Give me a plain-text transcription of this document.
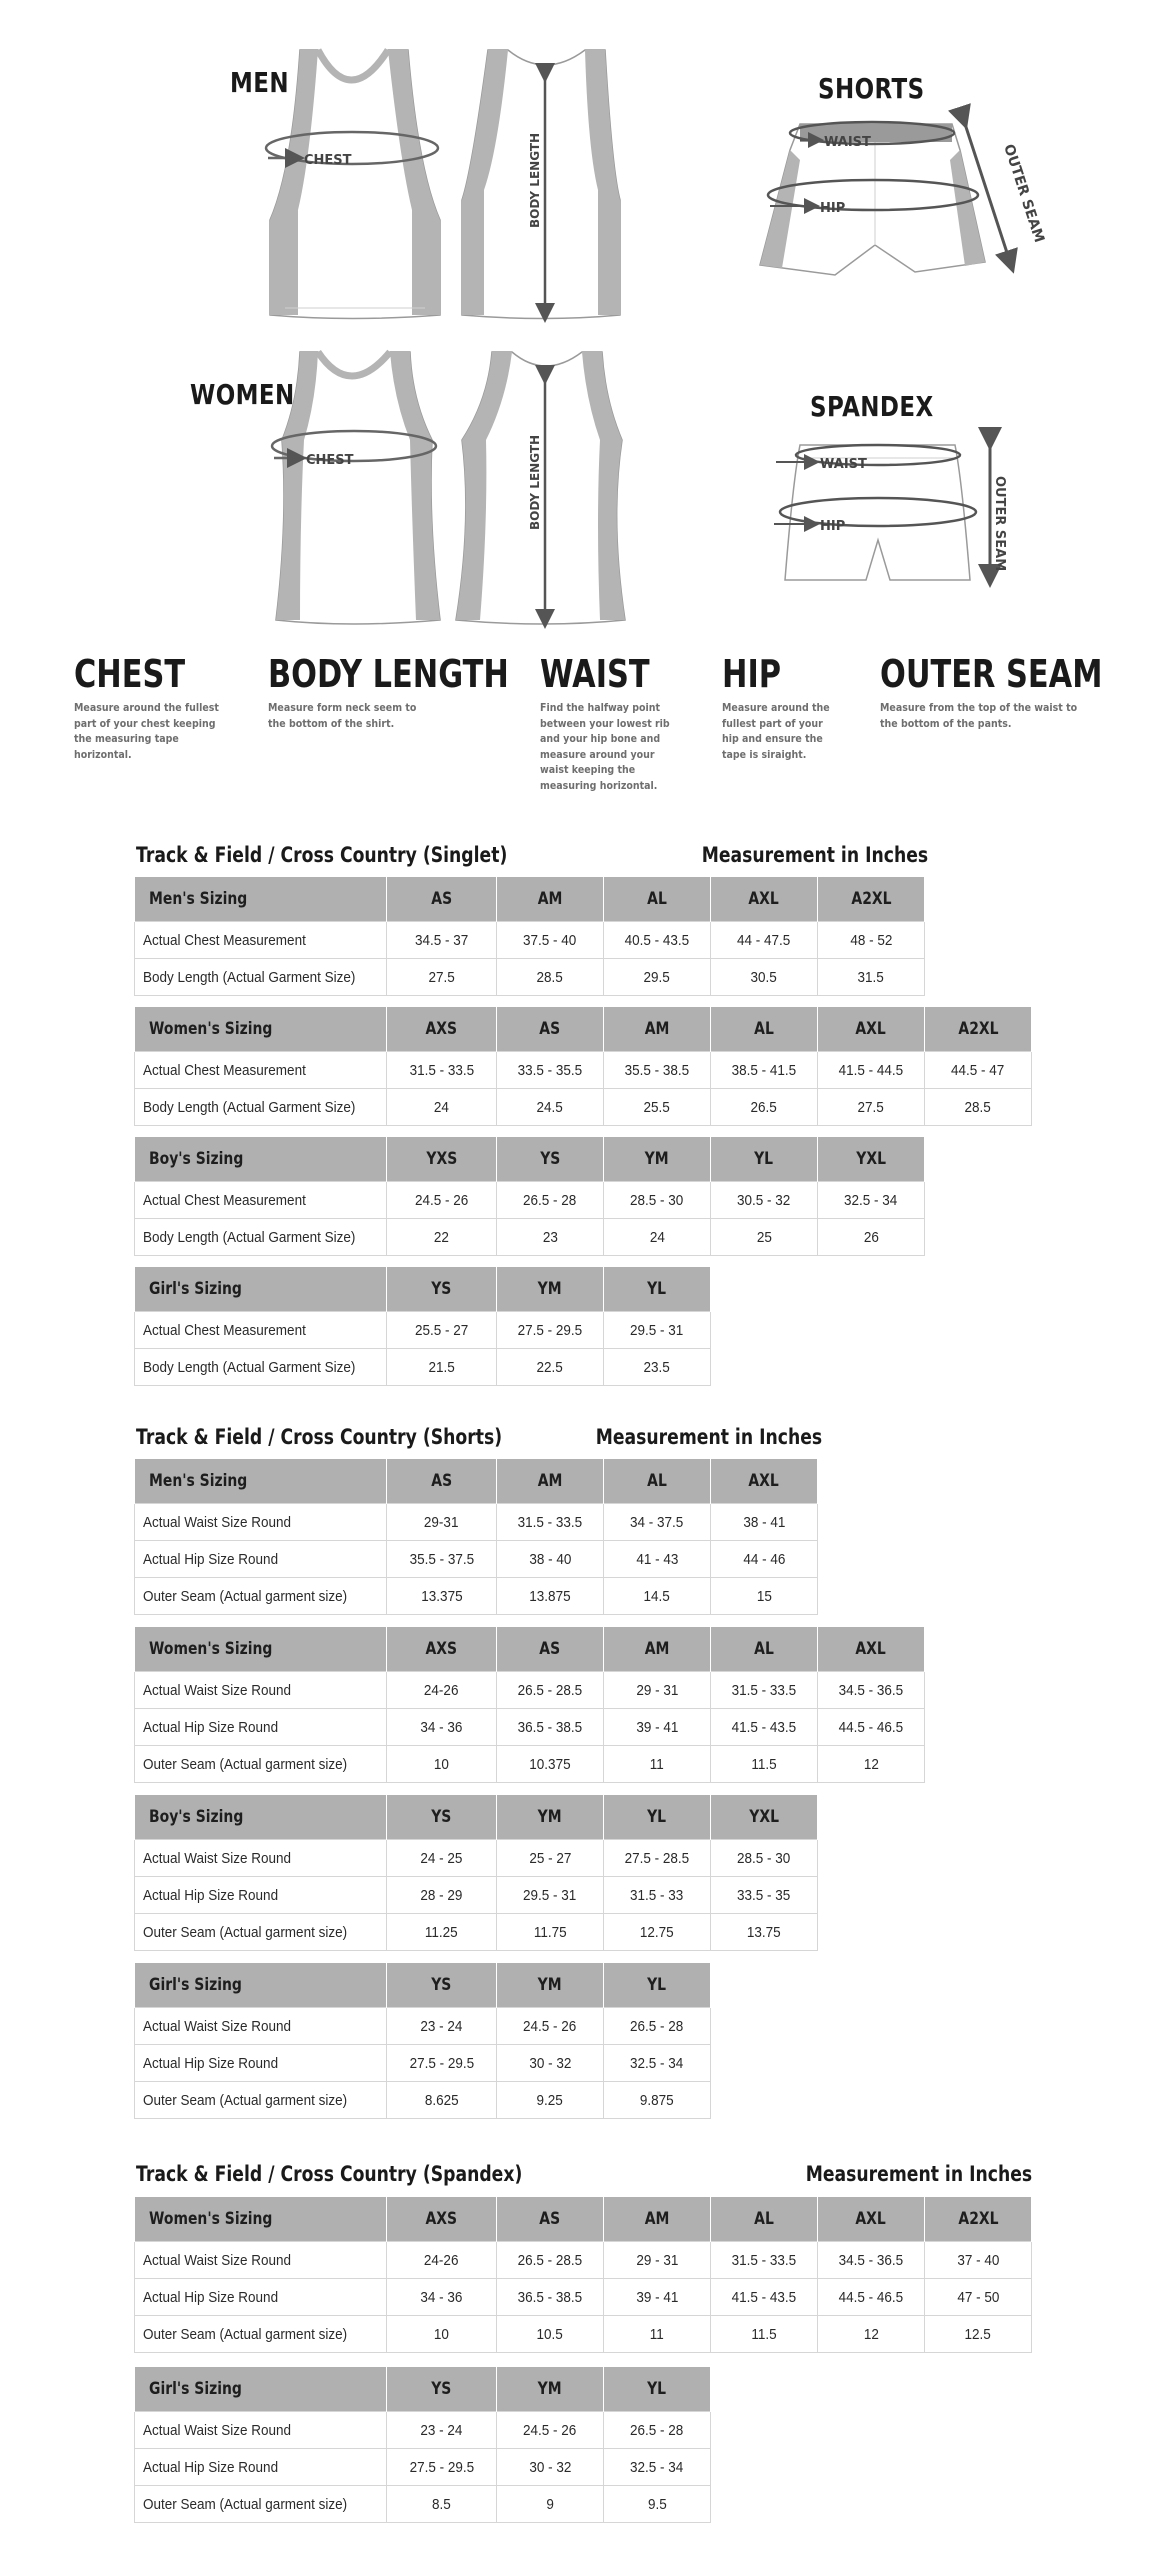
MEN
WOMEN
SHORTS
SPANDEX
CHEST	BODY LENGTH
CHEST	BODY LENGTH
WAIST
HIP	OUTER SEAM
WAIST
HIP	OUTER SEAM
CHEST

Measure around the fullest part of your chest keeping the measuring tape horizontal.

BODY LENGTH

Measure form neck seem to the bottom of the shirt.

WAIST

Find the halfway point between your lowest rib and your hip bone and measure around your waist keeping the measuring horizontal.

HIP

Measure around the fullest part of your hip and ensure the tape is siraight.

OUTER SEAM

Measure from the top of the waist to the bottom of the pants.

Track & Field / Cross Country (Singlet)	Measurement in Inches
Men's Sizing	AS	AM	AL	AXL	A2XL
Actual Chest Measurement	34.5 - 37	37.5 - 40	40.5 - 43.5	44 - 47.5	48 - 52
Body Length (Actual Garment Size)	27.5	28.5	29.5	30.5	31.5
Women's Sizing	AXS	AS	AM	AL	AXL	A2XL
Actual Chest Measurement	31.5 - 33.5	33.5 - 35.5	35.5 - 38.5	38.5 - 41.5	41.5 - 44.5	44.5 - 47
Body Length (Actual Garment Size)	24	24.5	25.5	26.5	27.5	28.5
Boy's Sizing	YXS	YS	YM	YL	YXL
Actual Chest Measurement	24.5 - 26	26.5 - 28	28.5 - 30	30.5 - 32	32.5 - 34
Body Length (Actual Garment Size)	22	23	24	25	26
Girl's Sizing	YS	YM	YL
Actual Chest Measurement	25.5 - 27	27.5 - 29.5	29.5 - 31
Body Length (Actual Garment Size)	21.5	22.5	23.5
Track & Field / Cross Country (Shorts)	Measurement in Inches
Men's Sizing	AS	AM	AL	AXL
Actual Waist Size Round	29-31	31.5 - 33.5	34 - 37.5	38 - 41
Actual Hip Size Round	35.5 - 37.5	38 - 40	41 - 43	44 - 46
Outer Seam (Actual garment size)	13.375	13.875	14.5	15
Women's Sizing	AXS	AS	AM	AL	AXL
Actual Waist Size Round	24-26	26.5 - 28.5	29 - 31	31.5 - 33.5	34.5 - 36.5
Actual Hip Size Round	34 - 36	36.5 - 38.5	39 - 41	41.5 - 43.5	44.5 - 46.5
Outer Seam (Actual garment size)	10	10.375	11	11.5	12
Boy's Sizing	YS	YM	YL	YXL
Actual Waist Size Round	24 - 25	25 - 27	27.5 - 28.5	28.5 - 30
Actual Hip Size Round	28 - 29	29.5 - 31	31.5 - 33	33.5 - 35
Outer Seam (Actual garment size)	11.25	11.75	12.75	13.75
Girl's Sizing	YS	YM	YL
Actual Waist Size Round	23 - 24	24.5 - 26	26.5 - 28
Actual Hip Size Round	27.5 - 29.5	30 - 32	32.5 - 34
Outer Seam (Actual garment size)	8.625	9.25	9.875
Track & Field / Cross Country (Spandex)	Measurement in Inches
Women's Sizing	AXS	AS	AM	AL	AXL	A2XL
Actual Waist Size Round	24-26	26.5 - 28.5	29 - 31	31.5 - 33.5	34.5 - 36.5	37 - 40
Actual Hip Size Round	34 - 36	36.5 - 38.5	39 - 41	41.5 - 43.5	44.5 - 46.5	47 - 50
Outer Seam (Actual garment size)	10	10.5	11	11.5	12	12.5
Girl's Sizing	YS	YM	YL
Actual Waist Size Round	23 - 24	24.5 - 26	26.5 - 28
Actual Hip Size Round	27.5 - 29.5	30 - 32	32.5 - 34
Outer Seam (Actual garment size)	8.5	9	9.5
